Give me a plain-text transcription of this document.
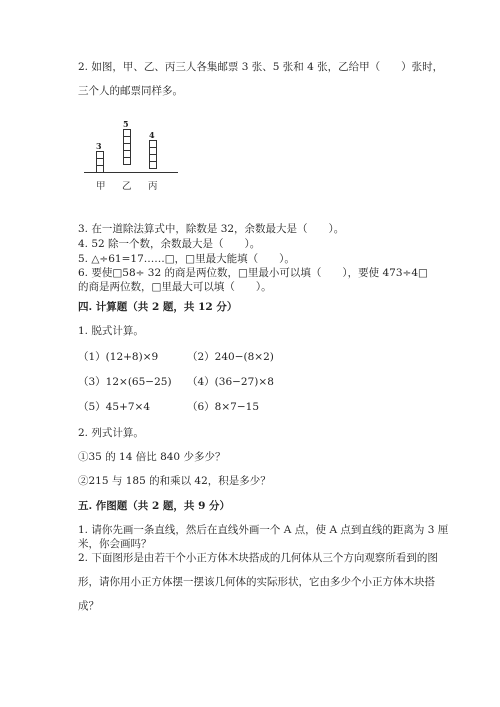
2. 如图，甲、乙、丙三人各集邮票 3 张、5 张和 4 张，乙给甲（　　）张时，
三个人的邮票同样多。
3
5
4
甲 乙 丙
3. 在一道除法算式中，除数是 32，余数最大是（　　）。
4. 52 除一个数，余数最大是（　　）。
5. △÷61=17……□，□里最大能填（　　）。
6. 要使□58÷ 32 的商是两位数，□里最小可以填（　　），要使 473÷4□
的商是两位数，□里最大可以填（　　）。
四. 计算题（共 2 题，共 12 分）
1. 脱式计算。
（1）(12+8)×9	（2）240−(8×2)
（3）12×(65−25) （4）(36−27)×8
（5）45+7×4	（6）8×7−15
2. 列式计算。
①35 的 14 倍比 840 少多少？
②215 与 185 的和乘以 42，积是多少？
五. 作图题（共 2 题，共 9 分）
1. 请你先画一条直线，然后在直线外画一个 A 点，使 A 点到直线的距离为 3 厘
米，你会画吗？
2. 下面图形是由若干个小正方体木块搭成的几何体从三个方向观察所看到的图
形，请你用小正方体摆一摆该几何体的实际形状，它由多少个小正方体木块搭
成？
